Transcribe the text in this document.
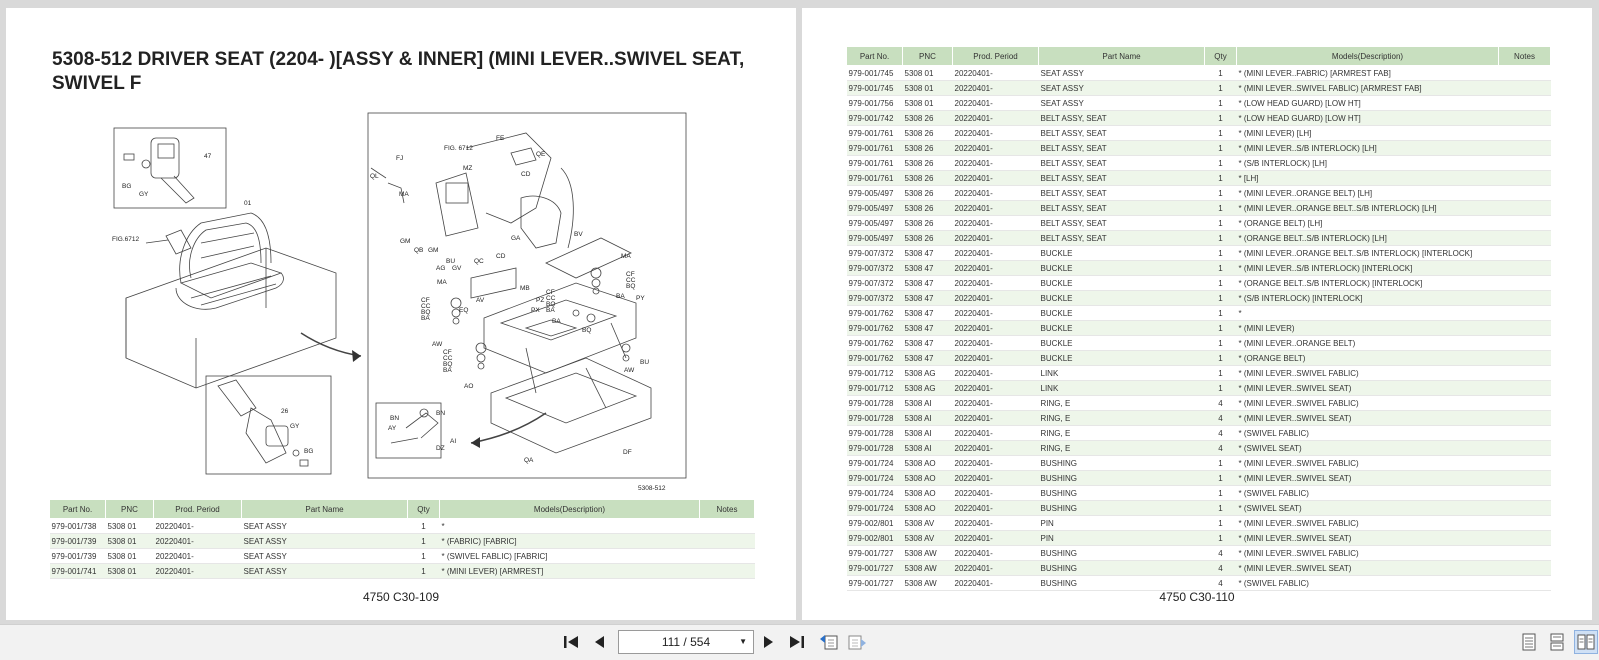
5308-512 DRIVER SEAT (2204- )[ASSY & INNER] (MINI LEVER..SWIVEL SEAT, SWIVEL F
47
BG
GY
01
FIG.6712
26
GY
BG
FIG. 6712
FE
QE
MZ
CD
FJ
QL
MA
GM
QB GM
BU
AG GV
QC
CD
GA
BV
MA
CF
CC
BQ
BA PY
MA
EQ
AV
MB
PZ
PX
CF
CC
BQ
BA
CF
CC
BQ
BA
BA
BQ
AW
CF
CC
BQ
BA
AO
BU
AW
BN
BN
AY
DZ
AI
QA
DF
5308-512
Part No.	PNC	Prod. Period	Part Name	Qty	Models(Description)	Notes
979-001/738	5308 01	20220401-	SEAT ASSY	1	*	
979-001/739	5308 01	20220401-	SEAT ASSY	1	* (FABRIC) [FABRIC]	
979-001/739	5308 01	20220401-	SEAT ASSY	1	* (SWIVEL FABLIC) [FABRIC]	
979-001/741	5308 01	20220401-	SEAT ASSY	1	* (MINI LEVER) [ARMREST]	
4750 C30-109
Part No.	PNC	Prod. Period	Part Name	Qty	Models(Description)	Notes
979-001/745	5308 01	20220401-	SEAT ASSY	1	* (MINI LEVER..FABRIC) [ARMREST FAB]	
979-001/745	5308 01	20220401-	SEAT ASSY	1	* (MINI LEVER..SWIVEL FABLIC) [ARMREST FAB]	
979-001/756	5308 01	20220401-	SEAT ASSY	1	* (LOW HEAD GUARD) [LOW HT]	
979-001/742	5308 26	20220401-	BELT ASSY, SEAT	1	* (LOW HEAD GUARD) [LOW HT]	
979-001/761	5308 26	20220401-	BELT ASSY, SEAT	1	* (MINI LEVER) [LH]	
979-001/761	5308 26	20220401-	BELT ASSY, SEAT	1	* (MINI LEVER..S/B INTERLOCK) [LH]	
979-001/761	5308 26	20220401-	BELT ASSY, SEAT	1	* (S/B INTERLOCK) [LH]	
979-001/761	5308 26	20220401-	BELT ASSY, SEAT	1	* [LH]	
979-005/497	5308 26	20220401-	BELT ASSY, SEAT	1	* (MINI LEVER..ORANGE BELT) [LH]	
979-005/497	5308 26	20220401-	BELT ASSY, SEAT	1	* (MINI LEVER..ORANGE BELT..S/B INTERLOCK) [LH]	
979-005/497	5308 26	20220401-	BELT ASSY, SEAT	1	* (ORANGE BELT) [LH]	
979-005/497	5308 26	20220401-	BELT ASSY, SEAT	1	* (ORANGE BELT..S/B INTERLOCK) [LH]	
979-007/372	5308 47	20220401-	BUCKLE	1	* (MINI LEVER..ORANGE BELT..S/B INTERLOCK) [INTERLOCK]	
979-007/372	5308 47	20220401-	BUCKLE	1	* (MINI LEVER..S/B INTERLOCK) [INTERLOCK]	
979-007/372	5308 47	20220401-	BUCKLE	1	* (ORANGE BELT..S/B INTERLOCK) [INTERLOCK]	
979-007/372	5308 47	20220401-	BUCKLE	1	* (S/B INTERLOCK) [INTERLOCK]	
979-001/762	5308 47	20220401-	BUCKLE	1	*	
979-001/762	5308 47	20220401-	BUCKLE	1	* (MINI LEVER)	
979-001/762	5308 47	20220401-	BUCKLE	1	* (MINI LEVER..ORANGE BELT)	
979-001/762	5308 47	20220401-	BUCKLE	1	* (ORANGE BELT)	
979-001/712	5308 AG	20220401-	LINK	1	* (MINI LEVER..SWIVEL FABLIC)	
979-001/712	5308 AG	20220401-	LINK	1	* (MINI LEVER..SWIVEL SEAT)	
979-001/728	5308 AI	20220401-	RING, E	4	* (MINI LEVER..SWIVEL FABLIC)	
979-001/728	5308 AI	20220401-	RING, E	4	* (MINI LEVER..SWIVEL SEAT)	
979-001/728	5308 AI	20220401-	RING, E	4	* (SWIVEL FABLIC)	
979-001/728	5308 AI	20220401-	RING, E	4	* (SWIVEL SEAT)	
979-001/724	5308 AO	20220401-	BUSHING	1	* (MINI LEVER..SWIVEL FABLIC)	
979-001/724	5308 AO	20220401-	BUSHING	1	* (MINI LEVER..SWIVEL SEAT)	
979-001/724	5308 AO	20220401-	BUSHING	1	* (SWIVEL FABLIC)	
979-001/724	5308 AO	20220401-	BUSHING	1	* (SWIVEL SEAT)	
979-002/801	5308 AV	20220401-	PIN	1	* (MINI LEVER..SWIVEL FABLIC)	
979-002/801	5308 AV	20220401-	PIN	1	* (MINI LEVER..SWIVEL SEAT)	
979-001/727	5308 AW	20220401-	BUSHING	4	* (MINI LEVER..SWIVEL FABLIC)	
979-001/727	5308 AW	20220401-	BUSHING	4	* (MINI LEVER..SWIVEL SEAT)	
979-001/727	5308 AW	20220401-	BUSHING	4	* (SWIVEL FABLIC)	
4750 C30-110
111 / 554	▼
